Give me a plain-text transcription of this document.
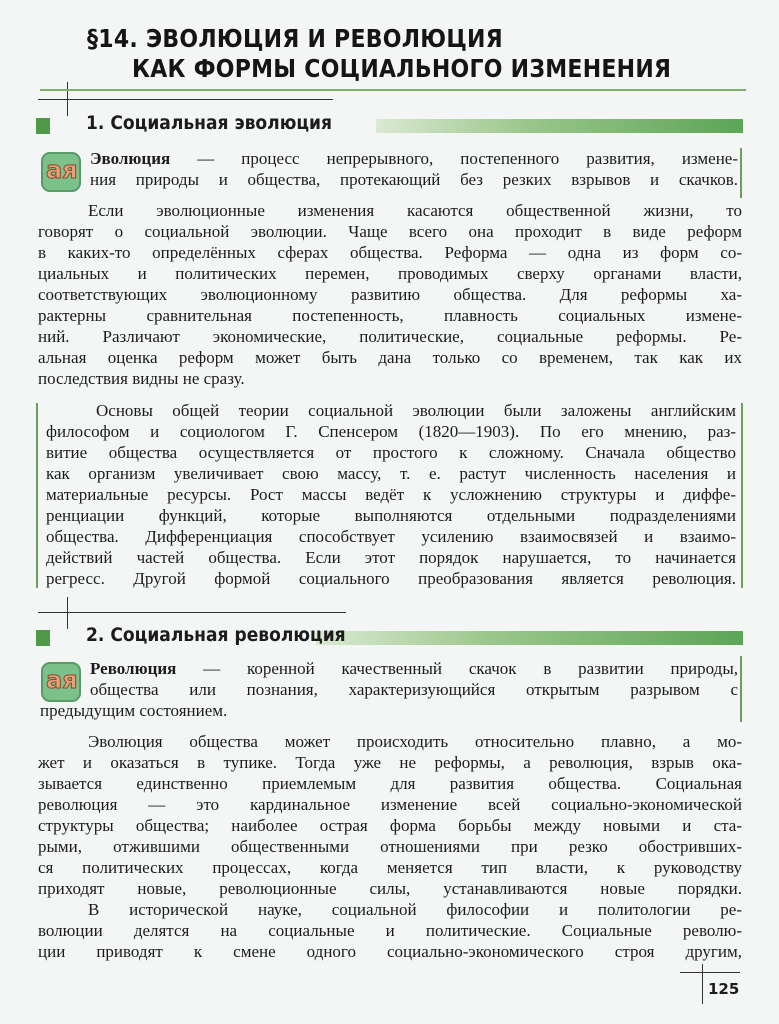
§14. ЭВОЛЮЦИЯ И РЕВОЛЮЦИЯ
КАК ФОРМЫ СОЦИАЛЬНОГО ИЗМЕНЕНИЯ
1. Социальная эволюция
ая Эволюция — процесс непрерывного, постепенного развития, измене-
ния природы и общества, протекающий без резких взрывов и скачков.
Если эволюционные изменения касаются общественной жизни, то
говорят о социальной эволюции. Чаще всего она проходит в виде реформ
в каких-то определённых сферах общества. Реформа — одна из форм со-
циальных и политических перемен, проводимых сверху органами власти,
соответствующих эволюционному развитию общества. Для реформы ха-
рактерны сравнительная постепенность, плавность социальных измене-
ний. Различают экономические, политические, социальные реформы. Ре-
альная оценка реформ может быть дана только со временем, так как их
последствия видны не сразу.
Основы общей теории социальной эволюции были заложены английским
философом и социологом Г. Спенсером (1820—1903). По его мнению, раз-
витие общества осуществляется от простого к сложному. Сначала общество
как организм увеличивает свою массу, т. е. растут численность населения и
материальные ресурсы. Рост массы ведёт к усложнению структуры и диффе-
ренциации функций, которые выполняются отдельными подразделениями
общества. Дифференциация способствует усилению взаимосвязей и взаимо-
действий частей общества. Если этот порядок нарушается, то начинается
регресс. Другой формой социального преобразования является революция.
2. Социальная революция
ая Революция — коренной качественный скачок в развитии природы,
общества или познания, характеризующийся открытым разрывом с
предыдущим состоянием.
Эволюция общества может происходить относительно плавно, а мо-
жет и оказаться в тупике. Тогда уже не реформы, а революция, взрыв ока-
зывается единственно приемлемым для развития общества. Социальная
революция — это кардинальное изменение всей социально-экономической
структуры общества; наиболее острая форма борьбы между новыми и ста-
рыми, отжившими общественными отношениями при резко обостривших-
ся политических процессах, когда меняется тип власти, к руководству
приходят новые, революционные силы, устанавливаются новые порядки.
В исторической науке, социальной философии и политологии ре-
волюции делятся на социальные и политические. Социальные револю-
ции приводят к смене одного социально-экономического строя другим,
125
